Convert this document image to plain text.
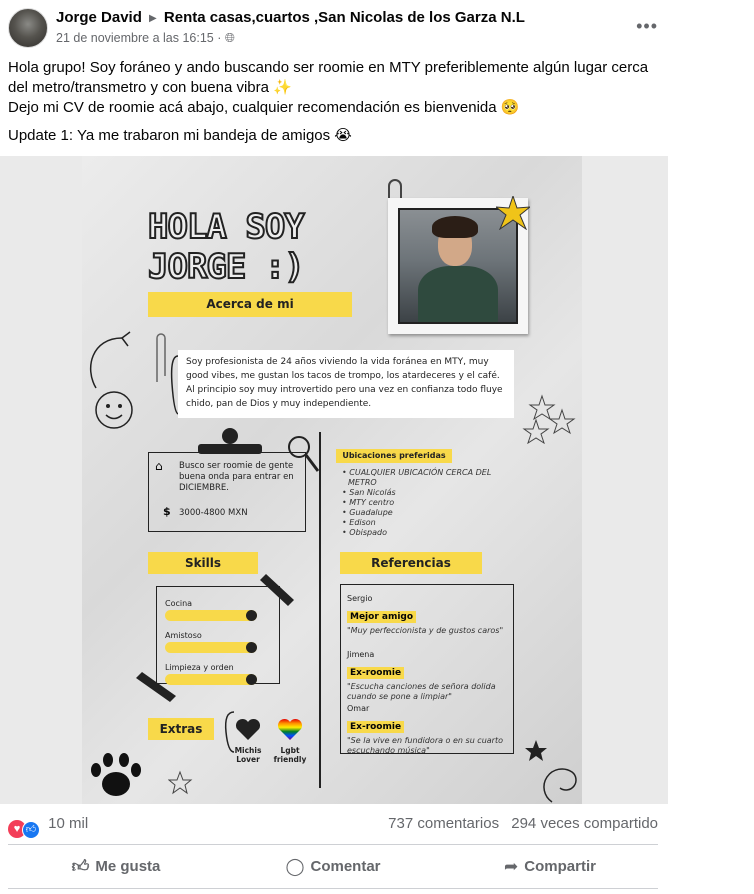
Jorge David ▶ Renta casas,cuartos ,San Nicolas de los Garza N.L
21 de noviembre a las 16:15 · 🌐︎
•••

Hola grupo! Soy foráneo y ando buscando ser roomie en MTY preferiblemente algún lugar cerca

del metro/transmetro y con buena vibra ✨

Dejo mi CV de roomie acá abajo, cualquier recomendación es bienvenida 🥺

Update 1: Ya me trabaron mi bandeja de amigos 😭

HOLA SOY
JORGE :)
Acerca de mi
Soy profesionista de 24 años viviendo la vida foránea en MTY, muy good vibes, me gustan los tacos de trompo, los atardeceres y el café. Al principio soy muy introvertido pero una vez en confianza todo fluye chido, pan de Dios y muy independiente.
⌂ Busco ser roomie de gente buena onda para entrar en DICIEMBRE.
$ 3000-4800 MXN
Ubicaciones preferidas
• CUALQUIER UBICACIÓN CERCA DEL METRO
• San Nicolás
• MTY centro
• Guadalupe
• Edison
• Obispado
Skills
Cocina
Amistoso
Limpieza y orden
Referencias
Sergio
Mejor amigo
"Muy perfeccionista y de gustos caros"
Jimena
Ex-roomie
"Escucha canciones de señora dolida cuando se pone a limpiar"
Omar
Ex-roomie
"Se la vive en fundidora o en su cuarto escuchando música"
Extras
Michis
Lover
Lgbt
friendly
♥ 👍︎ 10 mil	737 comentarios 294 veces compartido
👍︎ Me gusta	◯ Comentar	➦ Compartir
